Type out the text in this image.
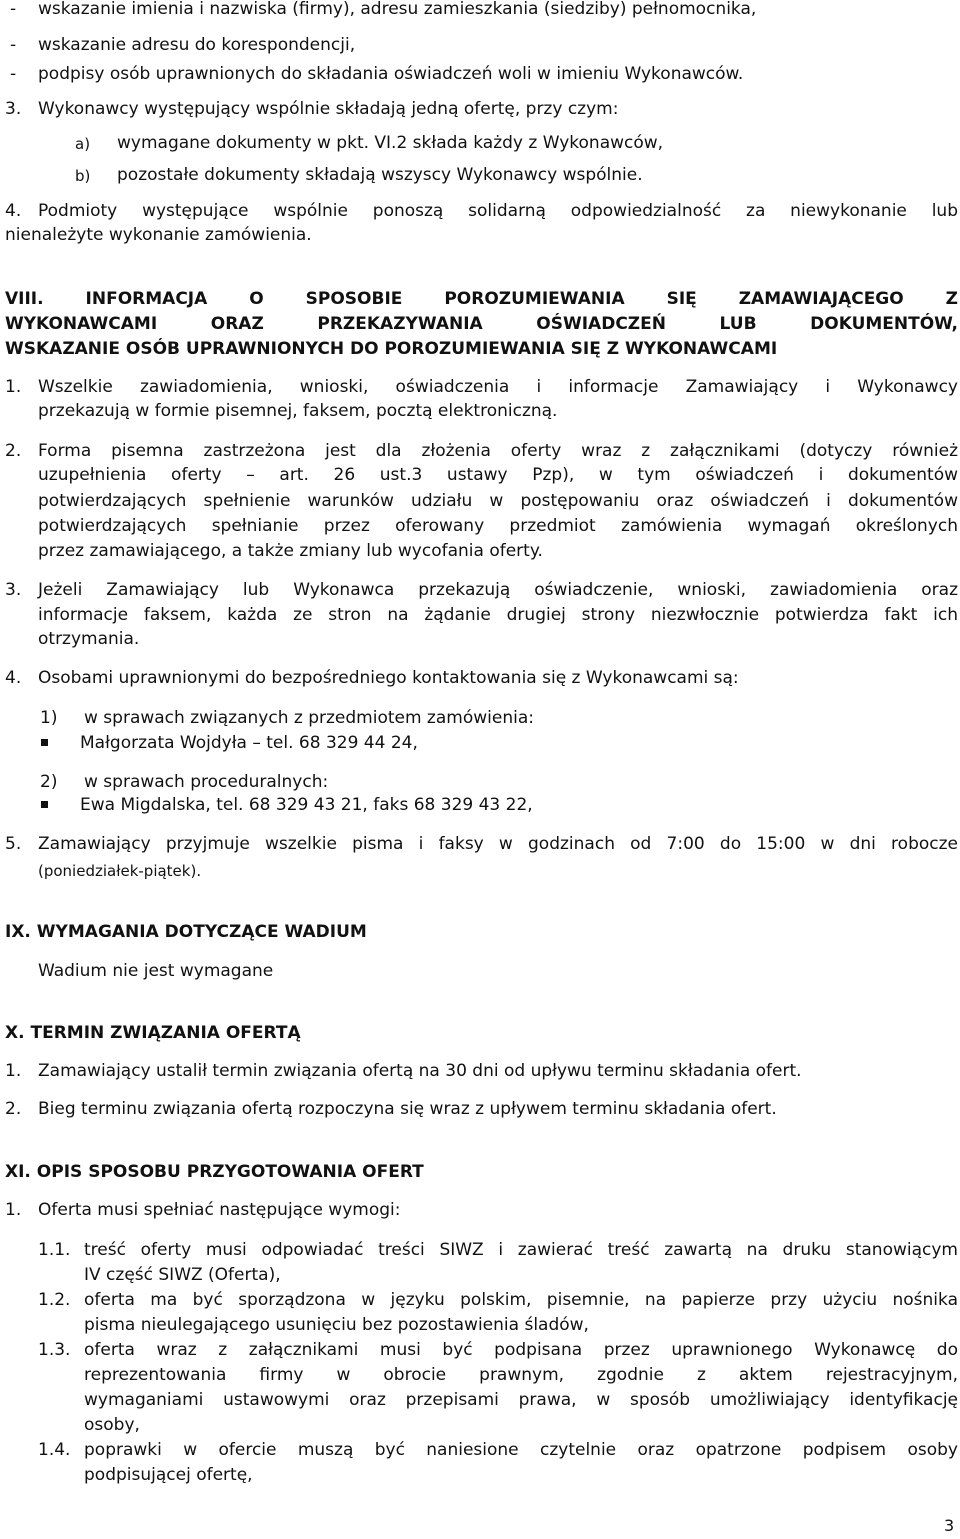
- wskazanie imienia i nazwiska (firmy), adresu zamieszkania (siedziby) pełnomocnika,
- wskazanie adresu do korespondencji,
- podpisy osób uprawnionych do składania oświadczeń woli w imieniu Wykonawców.
3. Wykonawcy występujący wspólnie składają jedną ofertę, przy czym:
a) wymagane dokumenty w pkt. VI.2 składa każdy z Wykonawców,
b) pozostałe dokumenty składają wszyscy Wykonawcy wspólnie.
4. Podmioty występujące wspólnie ponoszą solidarną odpowiedzialność za niewykonanie lub
nienależyte wykonanie zamówienia.
VIII. INFORMACJA O SPOSOBIE POROZUMIEWANIA SIĘ ZAMAWIAJĄCEGO Z
WYKONAWCAMI ORAZ PRZEKAZYWANIA OŚWIADCZEŃ LUB DOKUMENTÓW,
WSKAZANIE OSÓB UPRAWNIONYCH DO POROZUMIEWANIA SIĘ Z WYKONAWCAMI
1. Wszelkie zawiadomienia, wnioski, oświadczenia i informacje Zamawiający i Wykonawcy
przekazują w formie pisemnej, faksem, pocztą elektroniczną.
2. Forma pisemna zastrzeżona jest dla złożenia oferty wraz z załącznikami (dotyczy również
uzupełnienia oferty – art. 26 ust.3 ustawy Pzp), w tym oświadczeń i dokumentów
potwierdzających spełnienie warunków udziału w postępowaniu oraz oświadczeń i dokumentów
potwierdzających spełnianie przez oferowany przedmiot zamówienia wymagań określonych
przez zamawiającego, a także zmiany lub wycofania oferty.
3. Jeżeli Zamawiający lub Wykonawca przekazują oświadczenie, wnioski, zawiadomienia oraz
informacje faksem, każda ze stron na żądanie drugiej strony niezwłocznie potwierdza fakt ich
otrzymania.
4. Osobami uprawnionymi do bezpośredniego kontaktowania się z Wykonawcami są:
1) w sprawach związanych z przedmiotem zamówienia:
Małgorzata Wojdyła – tel. 68 329 44 24,
2) w sprawach proceduralnych:
Ewa Migdalska, tel. 68 329 43 21, faks 68 329 43 22,
5. Zamawiający przyjmuje wszelkie pisma i faksy w godzinach od 7:00 do 15:00 w dni robocze
(poniedziałek-piątek).
IX. WYMAGANIA DOTYCZĄCE WADIUM
Wadium nie jest wymagane
X. TERMIN ZWIĄZANIA OFERTĄ
1. Zamawiający ustalił termin związania ofertą na 30 dni od upływu terminu składania ofert.
2. Bieg terminu związania ofertą rozpoczyna się wraz z upływem terminu składania ofert.
XI. OPIS SPOSOBU PRZYGOTOWANIA OFERT
1. Oferta musi spełniać następujące wymogi:
1.1. treść oferty musi odpowiadać treści SIWZ i zawierać treść zawartą na druku stanowiącym
IV część SIWZ (Oferta),
1.2. oferta ma być sporządzona w języku polskim, pisemnie, na papierze przy użyciu nośnika
pisma nieulegającego usunięciu bez pozostawienia śladów,
1.3. oferta wraz z załącznikami musi być podpisana przez uprawnionego Wykonawcę do
reprezentowania firmy w obrocie prawnym, zgodnie z aktem rejestracyjnym,
wymaganiami ustawowymi oraz przepisami prawa, w sposób umożliwiający identyfikację
osoby,
1.4. poprawki w ofercie muszą być naniesione czytelnie oraz opatrzone podpisem osoby
podpisującej ofertę,
3
